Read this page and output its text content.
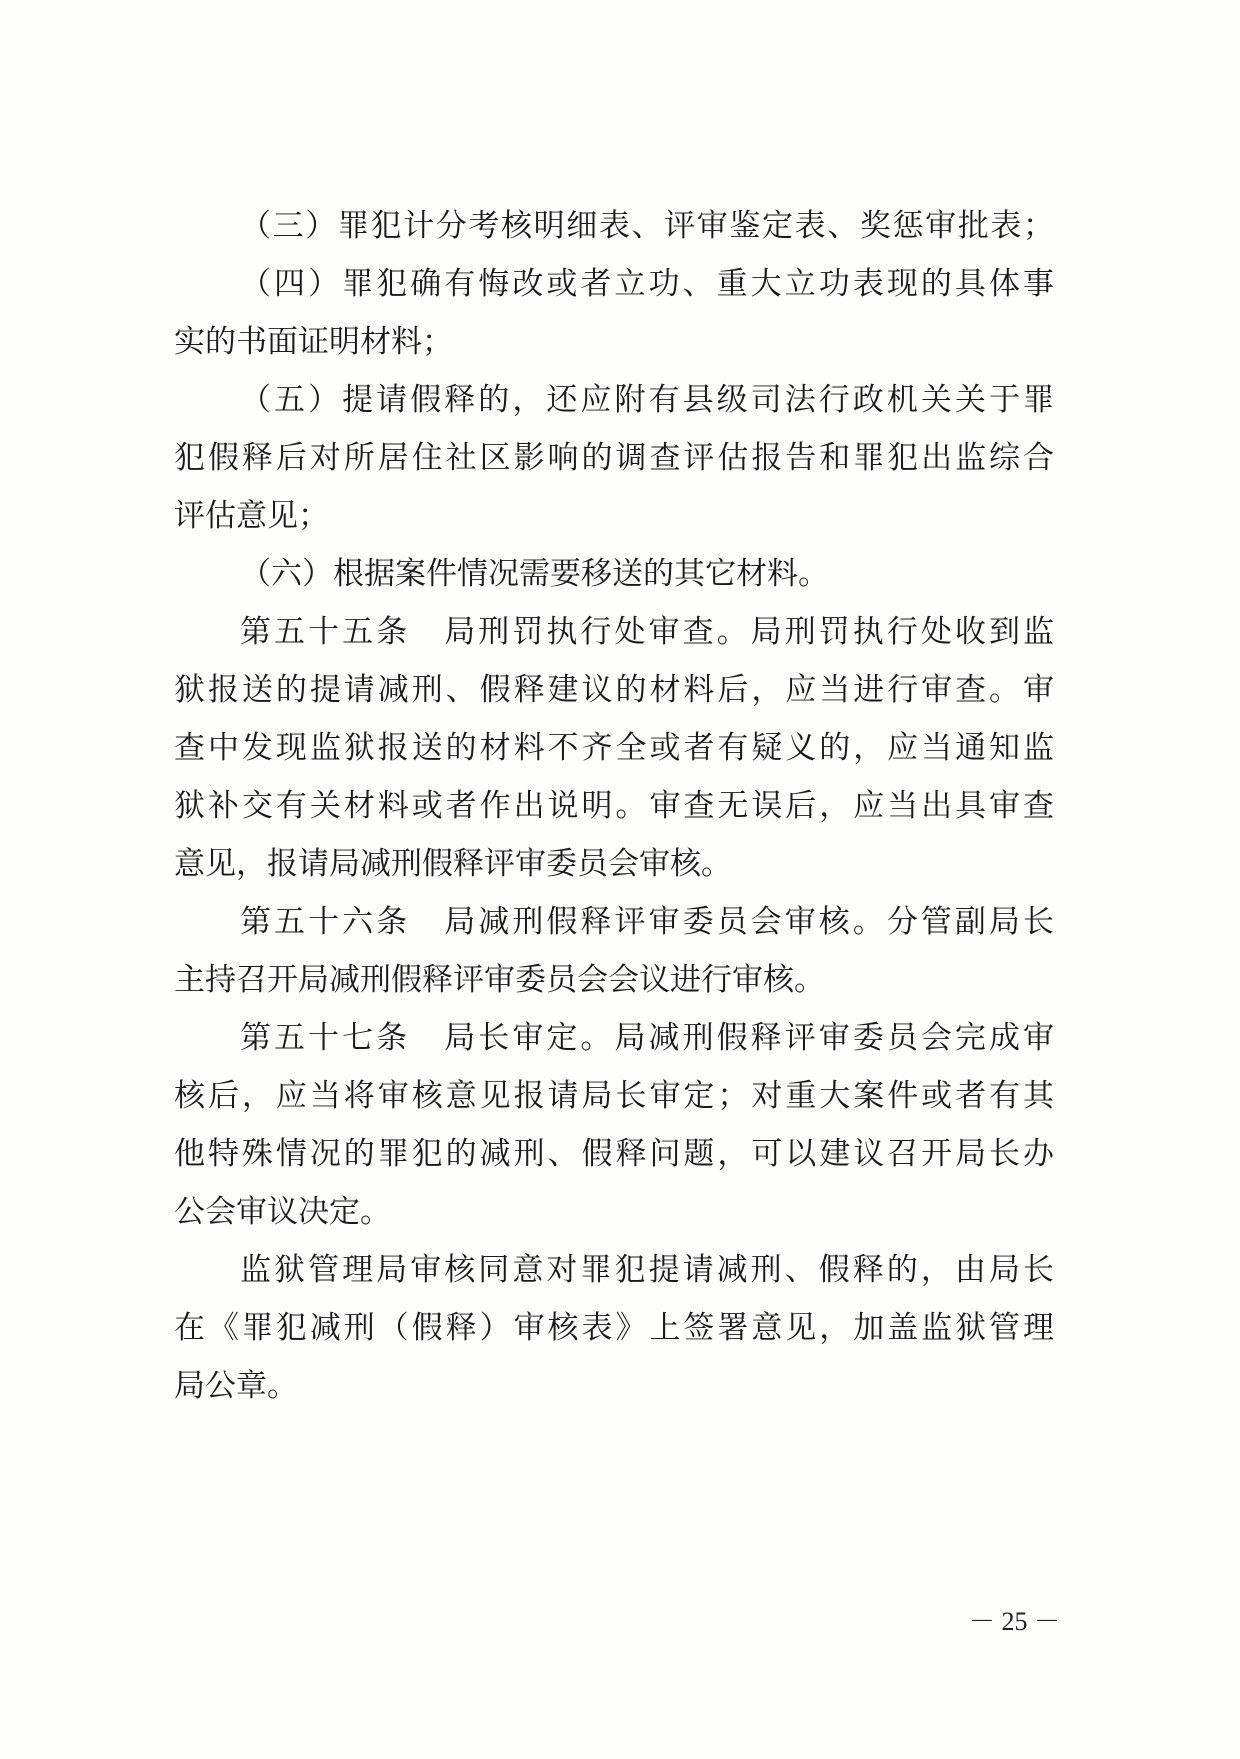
（三）罪犯计分考核明细表、评审鉴定表、奖惩审批表；
（四）罪犯确有悔改或者立功、重大立功表现的具体事
实的书面证明材料；
（五）提请假释的，还应附有县级司法行政机关关于罪
犯假释后对所居住社区影响的调查评估报告和罪犯出监综合
评估意见；
（六）根据案件情况需要移送的其它材料。
第五十五条　局刑罚执行处审查。局刑罚执行处收到监
狱报送的提请减刑、假释建议的材料后，应当进行审查。审
查中发现监狱报送的材料不齐全或者有疑义的，应当通知监
狱补交有关材料或者作出说明。审查无误后，应当出具审查
意见，报请局减刑假释评审委员会审核。
第五十六条　局减刑假释评审委员会审核。分管副局长
主持召开局减刑假释评审委员会会议进行审核。
第五十七条　局长审定。局减刑假释评审委员会完成审
核后，应当将审核意见报请局长审定；对重大案件或者有其
他特殊情况的罪犯的减刑、假释问题，可以建议召开局长办
公会审议决定。
监狱管理局审核同意对罪犯提请减刑、假释的，由局长
在《罪犯减刑（假释）审核表》上签署意见，加盖监狱管理
局公章。
－ 25 －
